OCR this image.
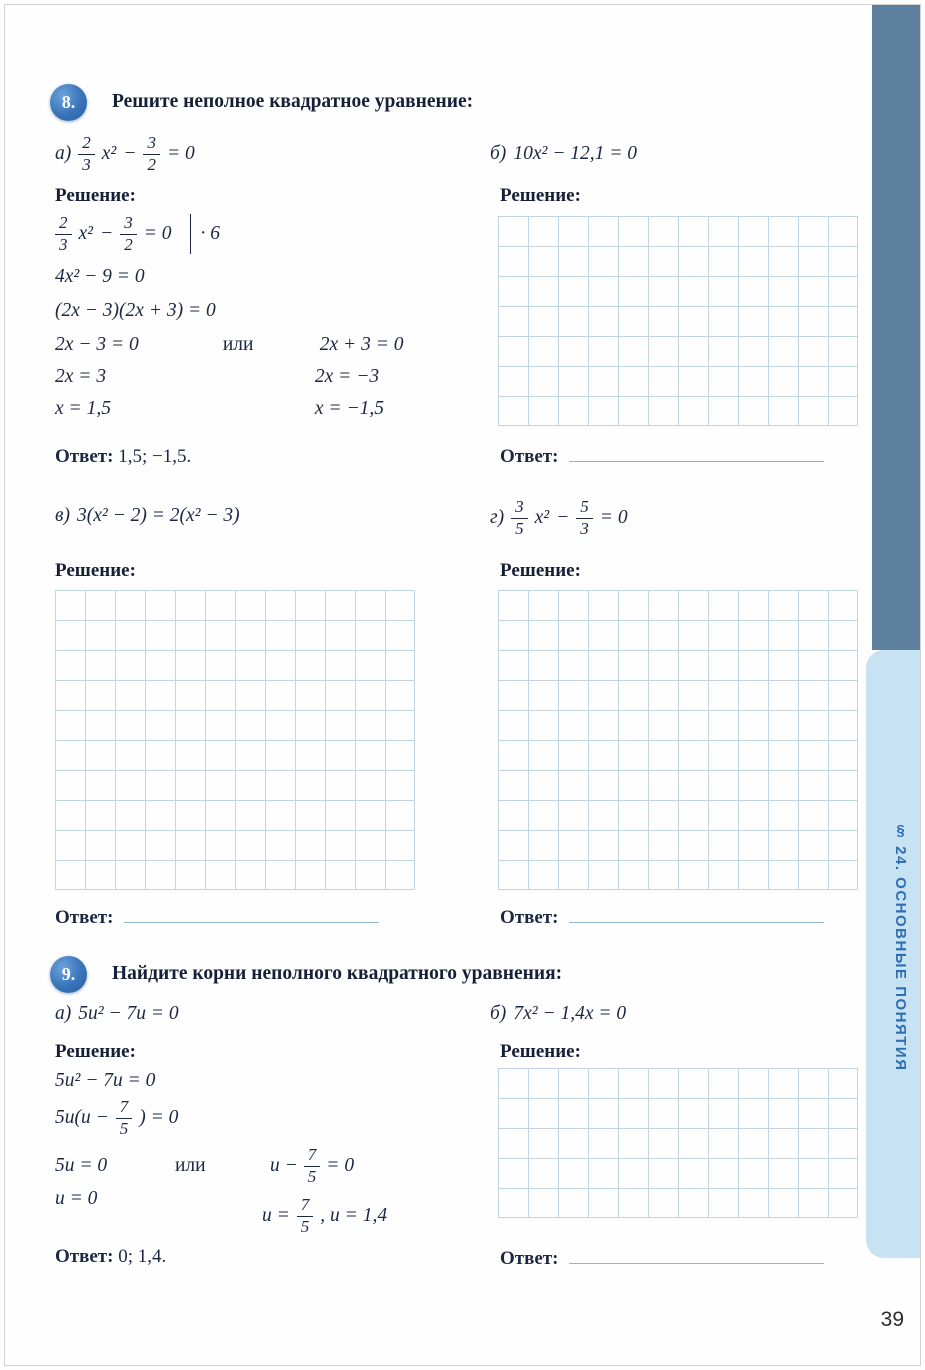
8.	Решите неполное квадратное уравнение:
$а) \frac{2}{3} x^2 - \frac{3}{2} = 0$	б) 10x² − 12,1 = 0
Решение:	Решение:
$\frac{2}{3} x^2 - \frac{3}{2} = 0$	· 6
4x² − 9 = 0
(2x − 3)(2x + 3) = 0
2x − 3 = 0	или	2x + 3 = 0
2x = 3	2x = −3
x = 1,5	x = −1,5
Ответ: 1,5; −1,5.	Ответ:
в) 3(x² − 2) = 2(x² − 3)	$г) \frac{3}{5} x^2 - \frac{5}{3} = 0$
Решение:	Решение:
Ответ:	Ответ:
9.	Найдите корни неполного квадратного уравнения:
а) 5u² − 7u = 0	б) 7x² − 1,4x = 0
Решение:	Решение:
5u² − 7u = 0
$5u(u - \frac{7}{5}$ ) = 0
5u = 0	или	$u - \frac{7}{5} = 0$
u = 0
$u = \frac{7}{5}$ , u = 1,4
Ответ: 0; 1,4.	Ответ:
§ 24. ОСНОВНЫЕ ПОНЯТИЯ
39
